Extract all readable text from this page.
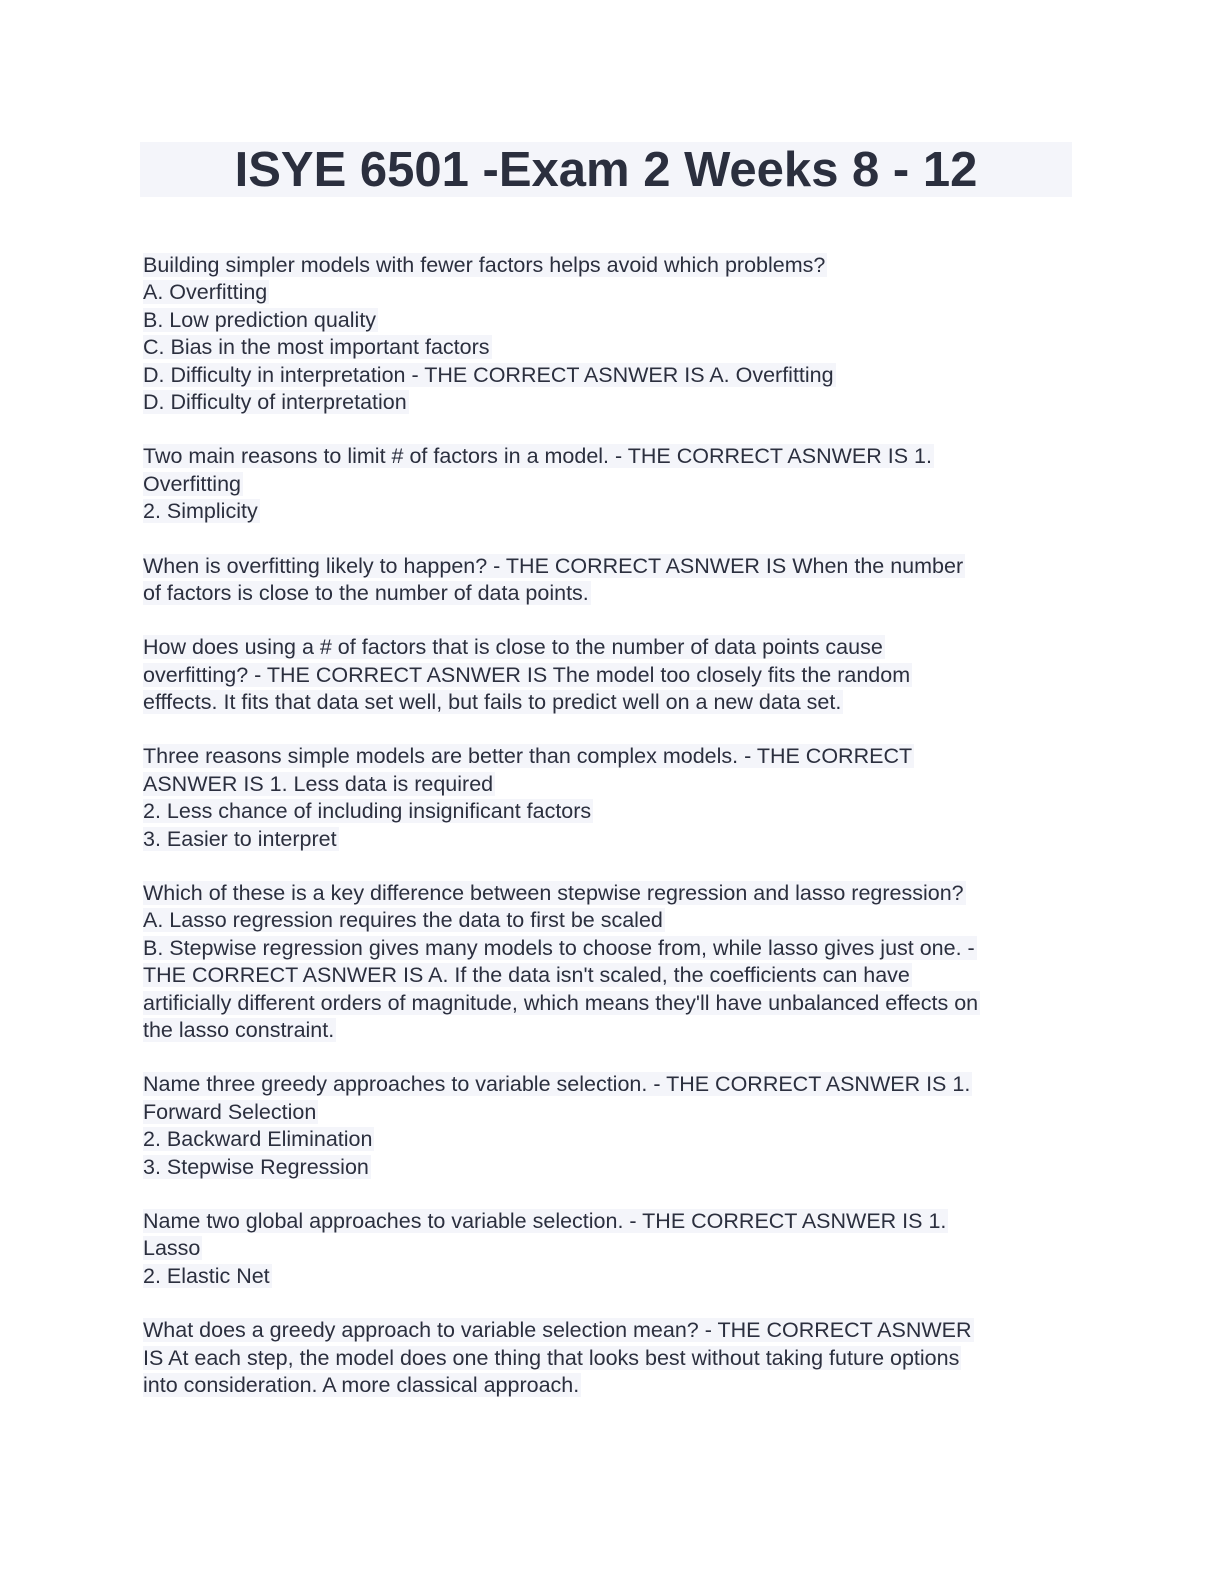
ISYE 6501 -Exam 2 Weeks 8 - 12
Building simpler models with fewer factors helps avoid which problems?
A. Overfitting
B. Low prediction quality
C. Bias in the most important factors
D. Difficulty in interpretation - THE CORRECT ASNWER IS A. Overfitting
D. Difficulty of interpretation
Two main reasons to limit # of factors in a model. - THE CORRECT ASNWER IS 1.
Overfitting
2. Simplicity
When is overfitting likely to happen? - THE CORRECT ASNWER IS When the number
of factors is close to the number of data points.
How does using a # of factors that is close to the number of data points cause
overfitting? - THE CORRECT ASNWER IS The model too closely fits the random
efffects. It fits that data set well, but fails to predict well on a new data set.
Three reasons simple models are better than complex models. - THE CORRECT
ASNWER IS 1. Less data is required
2. Less chance of including insignificant factors
3. Easier to interpret
Which of these is a key difference between stepwise regression and lasso regression?
A. Lasso regression requires the data to first be scaled
B. Stepwise regression gives many models to choose from, while lasso gives just one. -
THE CORRECT ASNWER IS A. If the data isn't scaled, the coefficients can have
artificially different orders of magnitude, which means they'll have unbalanced effects on
the lasso constraint.
Name three greedy approaches to variable selection. - THE CORRECT ASNWER IS 1.
Forward Selection
2. Backward Elimination
3. Stepwise Regression
Name two global approaches to variable selection. - THE CORRECT ASNWER IS 1.
Lasso
2. Elastic Net
What does a greedy approach to variable selection mean? - THE CORRECT ASNWER
IS At each step, the model does one thing that looks best without taking future options
into consideration. A more classical approach.
